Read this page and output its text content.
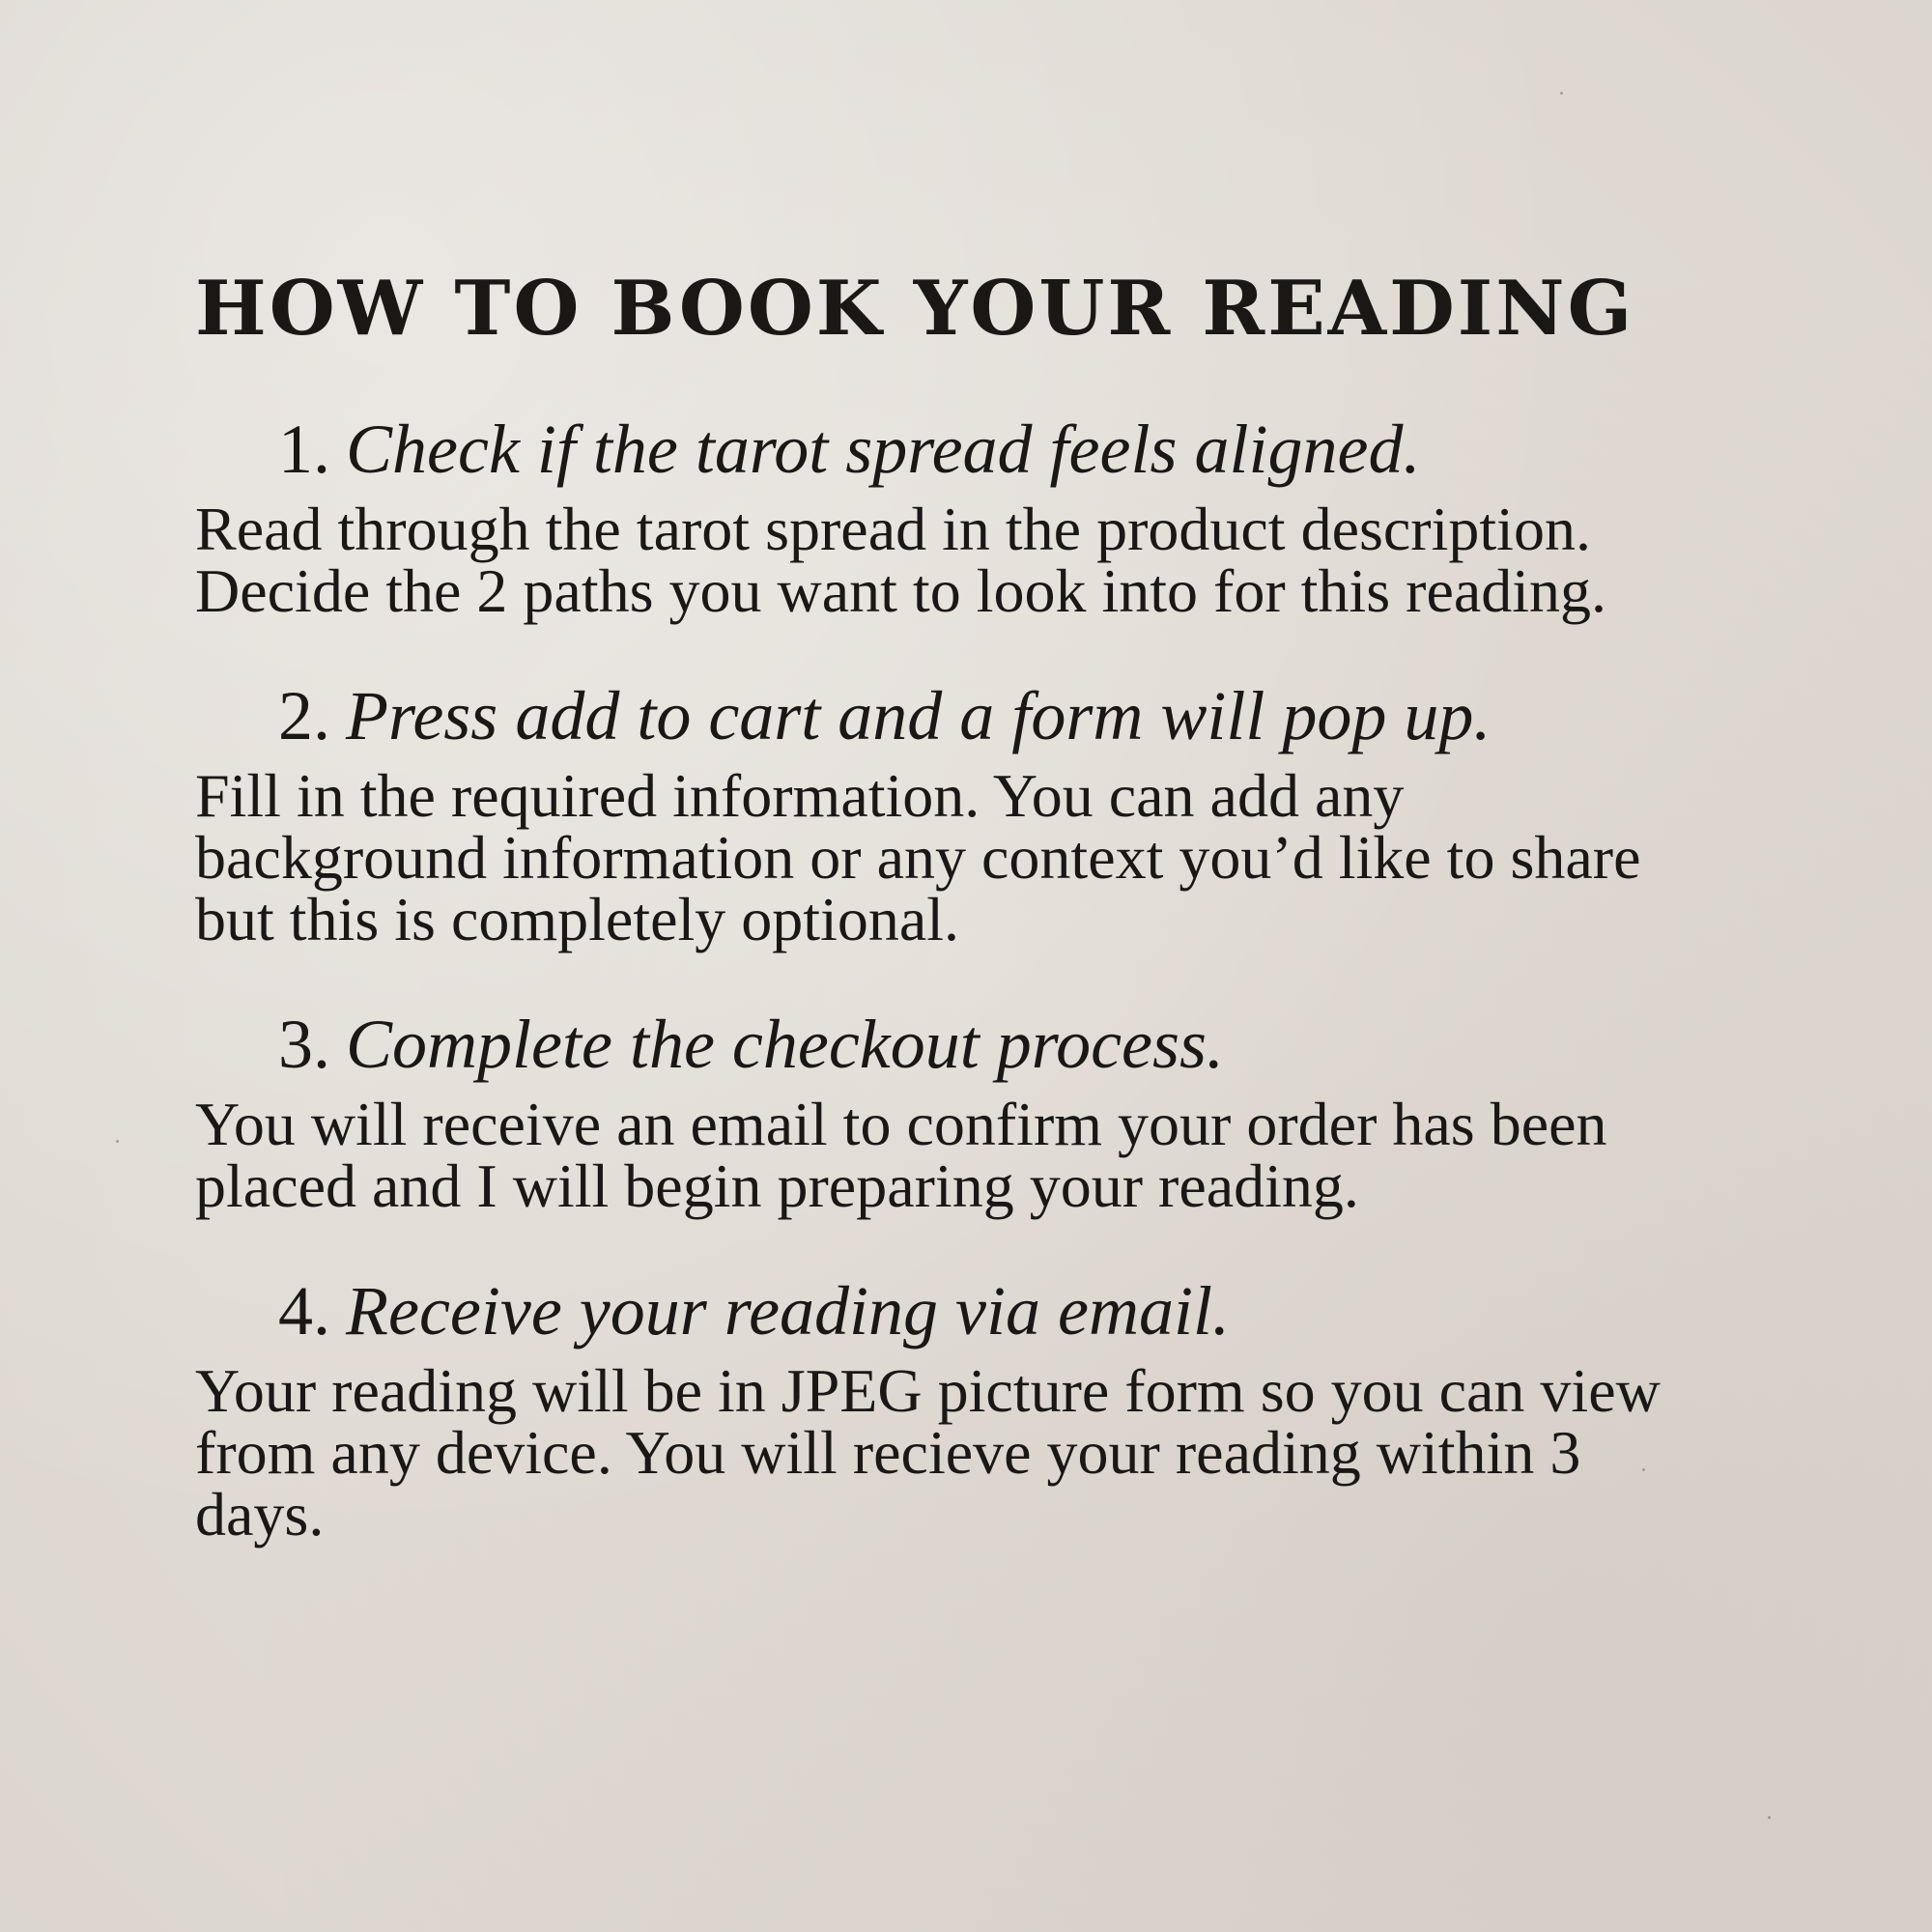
HOW TO BOOK YOUR READING
1. Check if the tarot spread feels aligned.

Read through the tarot spread in the product description. Decide the 2 paths you want to look into for this reading.

2. Press add to cart and a form will pop up.

Fill in the required information. You can add any background information or any context you’d like to share but this is completely optional.

3. Complete the checkout process.

You will receive an email to confirm your order has been placed and I will begin preparing your reading.

4. Receive your reading via email.

Your reading will be in JPEG picture form so you can view from any device. You will recieve your reading within 3 days.
